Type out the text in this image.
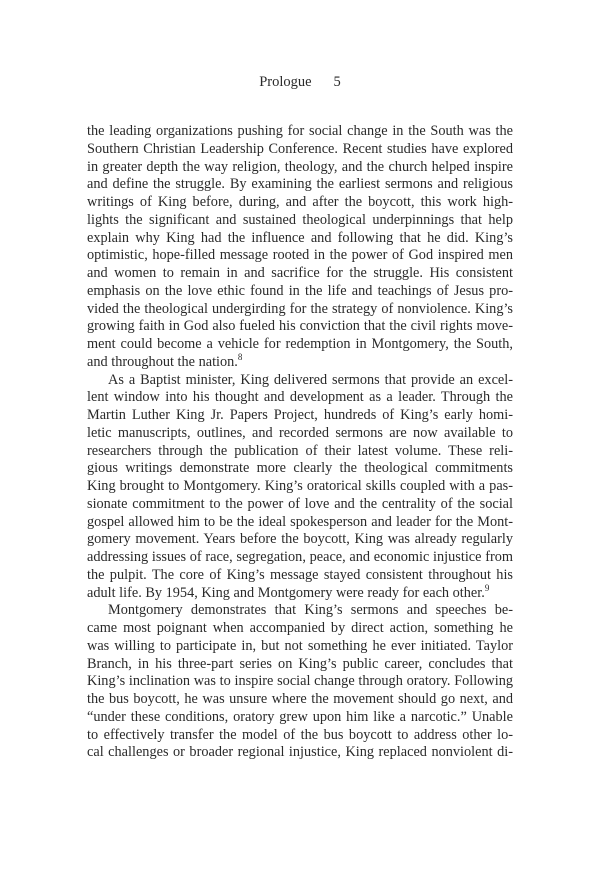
Prologue 5
the leading organizations pushing for social change in the South was the
Southern Christian Leadership Conference. Recent studies have explored
in greater depth the way religion, theology, and the church helped inspire
and define the struggle. By examining the earliest sermons and religious
writings of King before, during, and after the boycott, this work high-
lights the significant and sustained theological underpinnings that help
explain why King had the influence and following that he did. King’s
optimistic, hope-filled message rooted in the power of God inspired men
and women to remain in and sacrifice for the struggle. His consistent
emphasis on the love ethic found in the life and teachings of Jesus pro-
vided the theological undergirding for the strategy of nonviolence. King’s
growing faith in God also fueled his conviction that the civil rights move-
ment could become a vehicle for redemption in Montgomery, the South,
and throughout the nation.$^8$
As a Baptist minister, King delivered sermons that provide an excel-
lent window into his thought and development as a leader. Through the
Martin Luther King Jr. Papers Project, hundreds of King’s early homi-
letic manuscripts, outlines, and recorded sermons are now available to
researchers through the publication of their latest volume. These reli-
gious writings demonstrate more clearly the theological commitments
King brought to Montgomery. King’s oratorical skills coupled with a pas-
sionate commitment to the power of love and the centrality of the social
gospel allowed him to be the ideal spokesperson and leader for the Mont-
gomery movement. Years before the boycott, King was already regularly
addressing issues of race, segregation, peace, and economic injustice from
the pulpit. The core of King’s message stayed consistent throughout his
adult life. By 1954, King and Montgomery were ready for each other.$^9$
Montgomery demonstrates that King’s sermons and speeches be-
came most poignant when accompanied by direct action, something he
was willing to participate in, but not something he ever initiated. Taylor
Branch, in his three-part series on King’s public career, concludes that
King’s inclination was to inspire social change through oratory. Following
the bus boycott, he was unsure where the movement should go next, and
“under these conditions, oratory grew upon him like a narcotic.” Unable
to effectively transfer the model of the bus boycott to address other lo-
cal challenges or broader regional injustice, King replaced nonviolent di-
